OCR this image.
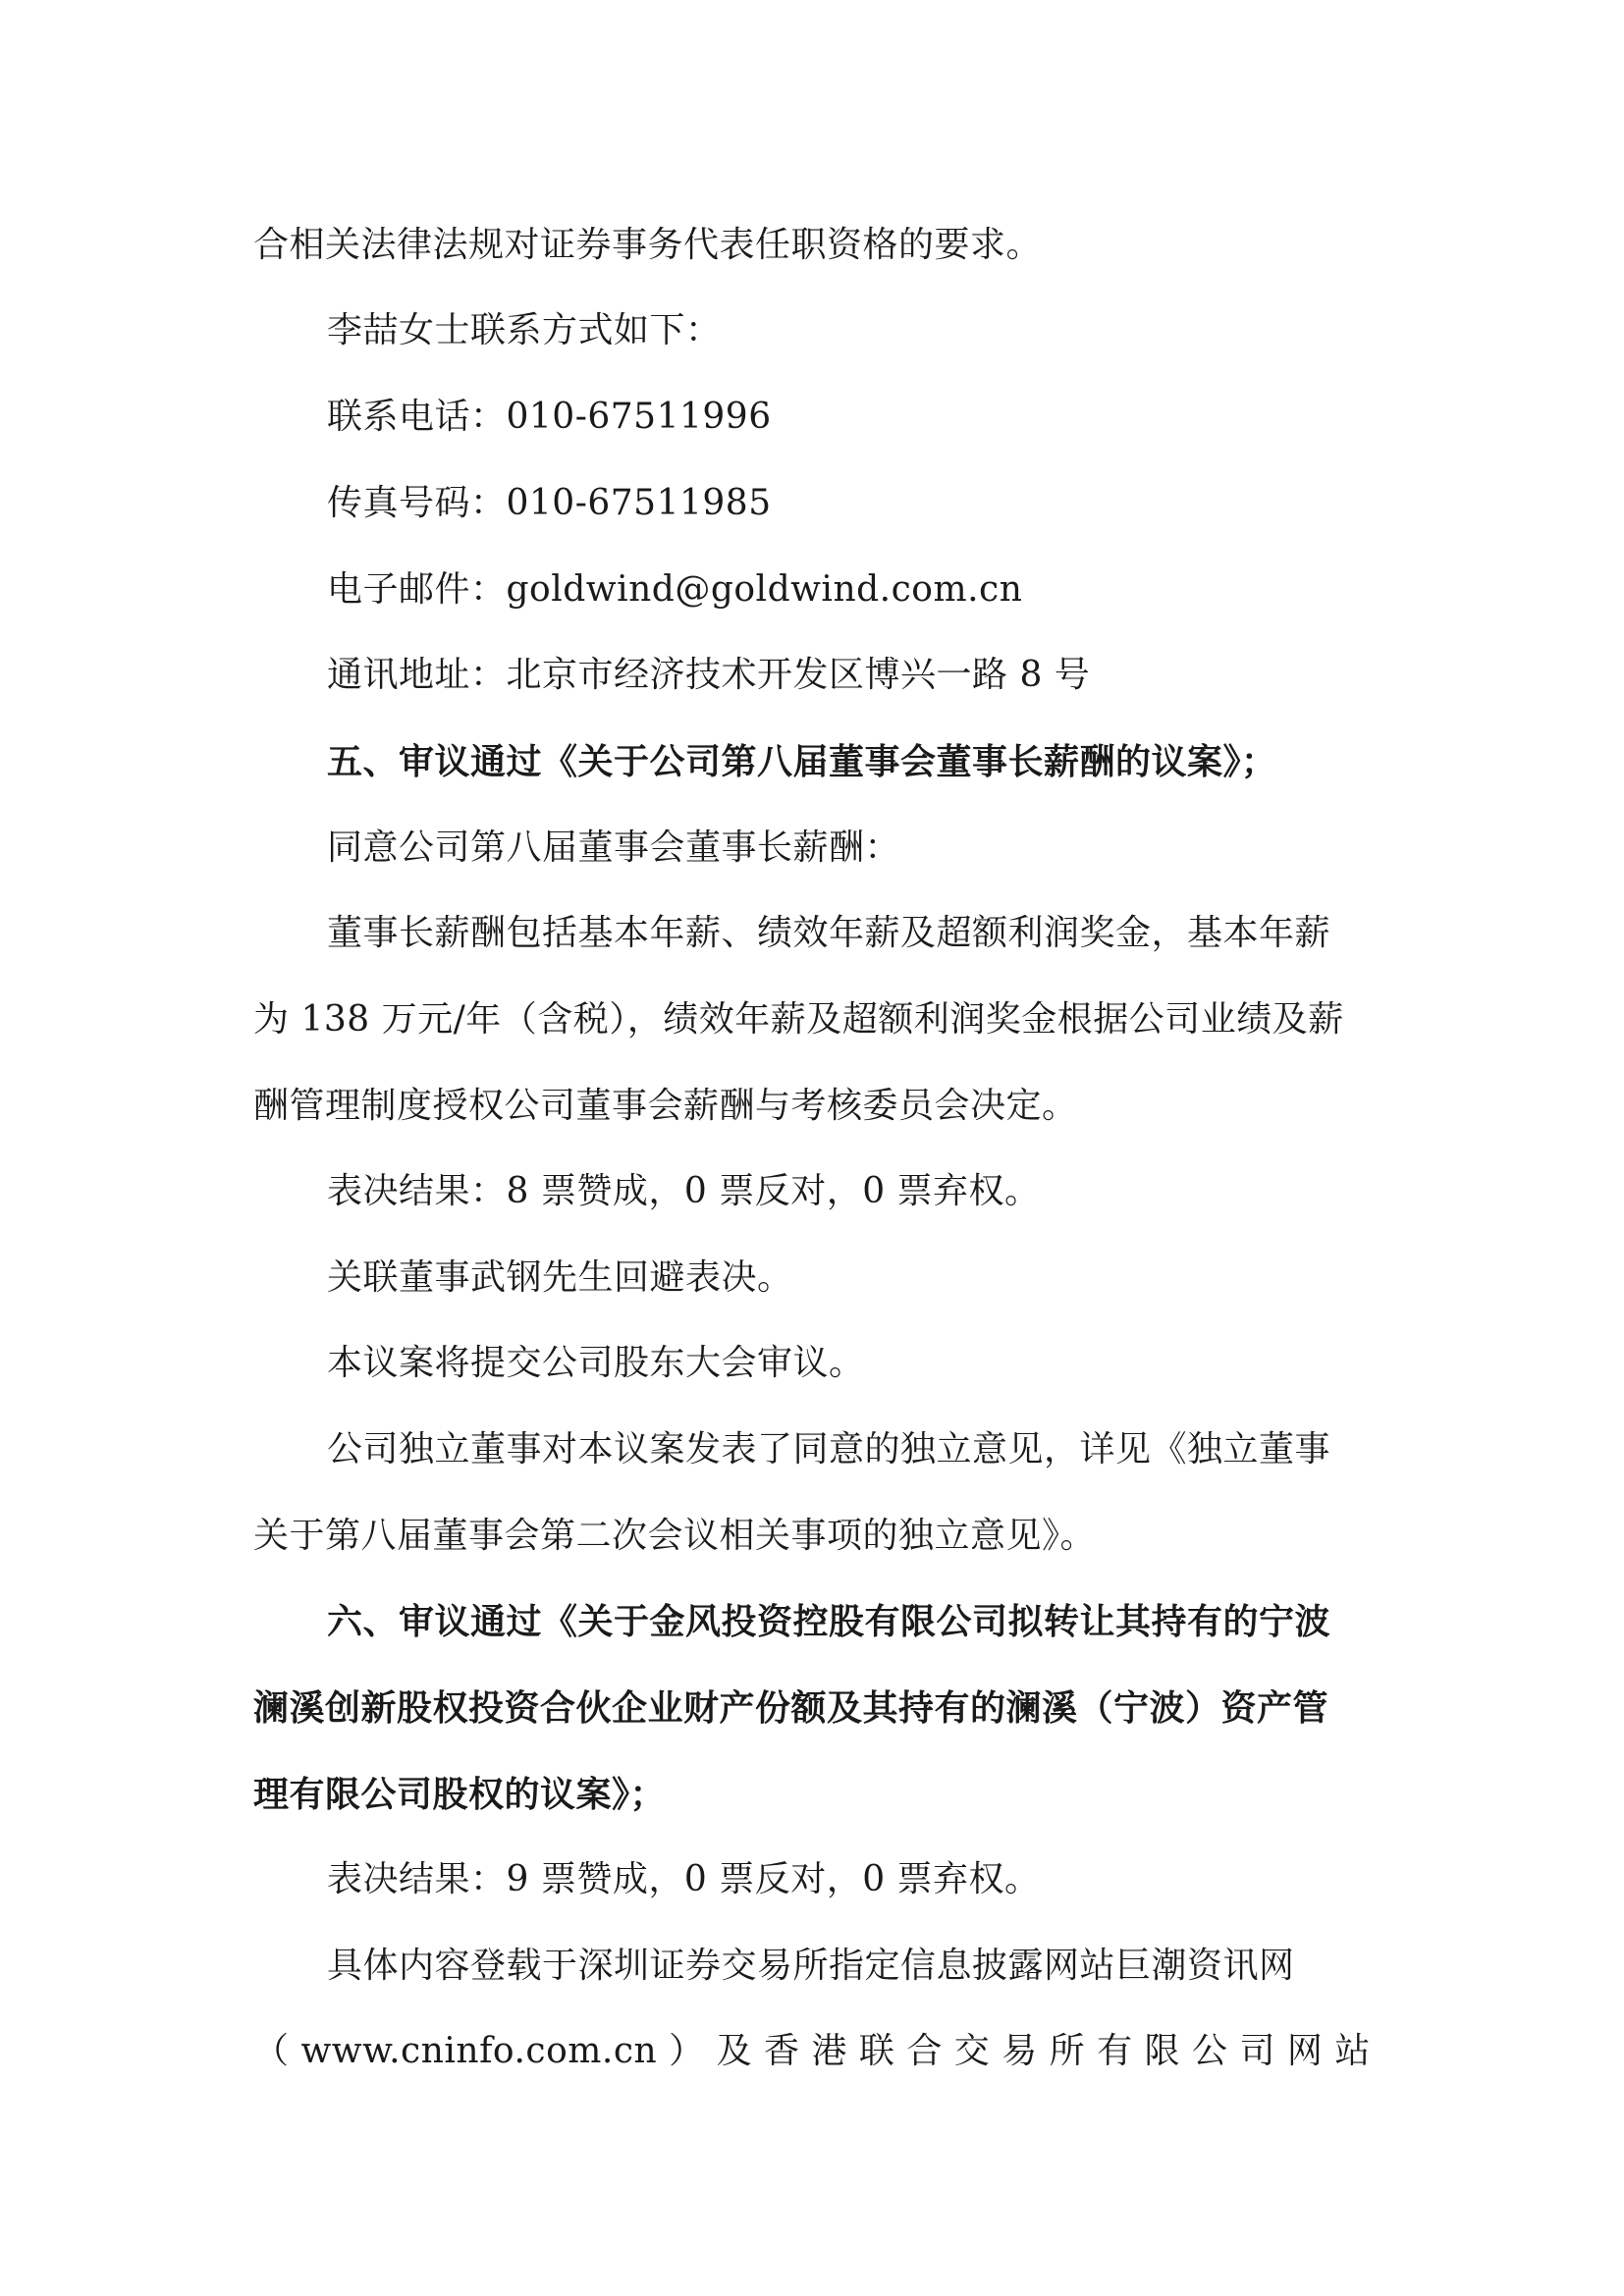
合相关法律法规对证券事务代表任职资格的要求。
李喆女士联系方式如下：
联系电话：010-67511996
传真号码：010-67511985
电子邮件：goldwind@goldwind.com.cn
通讯地址：北京市经济技术开发区博兴一路 8 号
五、审议通过《关于公司第八届董事会董事长薪酬的议案》；
同意公司第八届董事会董事长薪酬：
董事长薪酬包括基本年薪、绩效年薪及超额利润奖金，基本年薪
为 138 万元/年（含税），绩效年薪及超额利润奖金根据公司业绩及薪
酬管理制度授权公司董事会薪酬与考核委员会决定。
表决结果：8 票赞成，0 票反对，0 票弃权。
关联董事武钢先生回避表决。
本议案将提交公司股东大会审议。
公司独立董事对本议案发表了同意的独立意见，详见《独立董事
关于第八届董事会第二次会议相关事项的独立意见》。
六、审议通过《关于金风投资控股有限公司拟转让其持有的宁波
澜溪创新股权投资合伙企业财产份额及其持有的澜溪（宁波）资产管
理有限公司股权的议案》；
表决结果：9 票赞成，0 票反对，0 票弃权。
具体内容登载于深圳证券交易所指定信息披露网站巨潮资讯网
（ www.cninfo.com.cn ） 及 香 港 联 合 交 易 所 有 限 公 司 网 站
